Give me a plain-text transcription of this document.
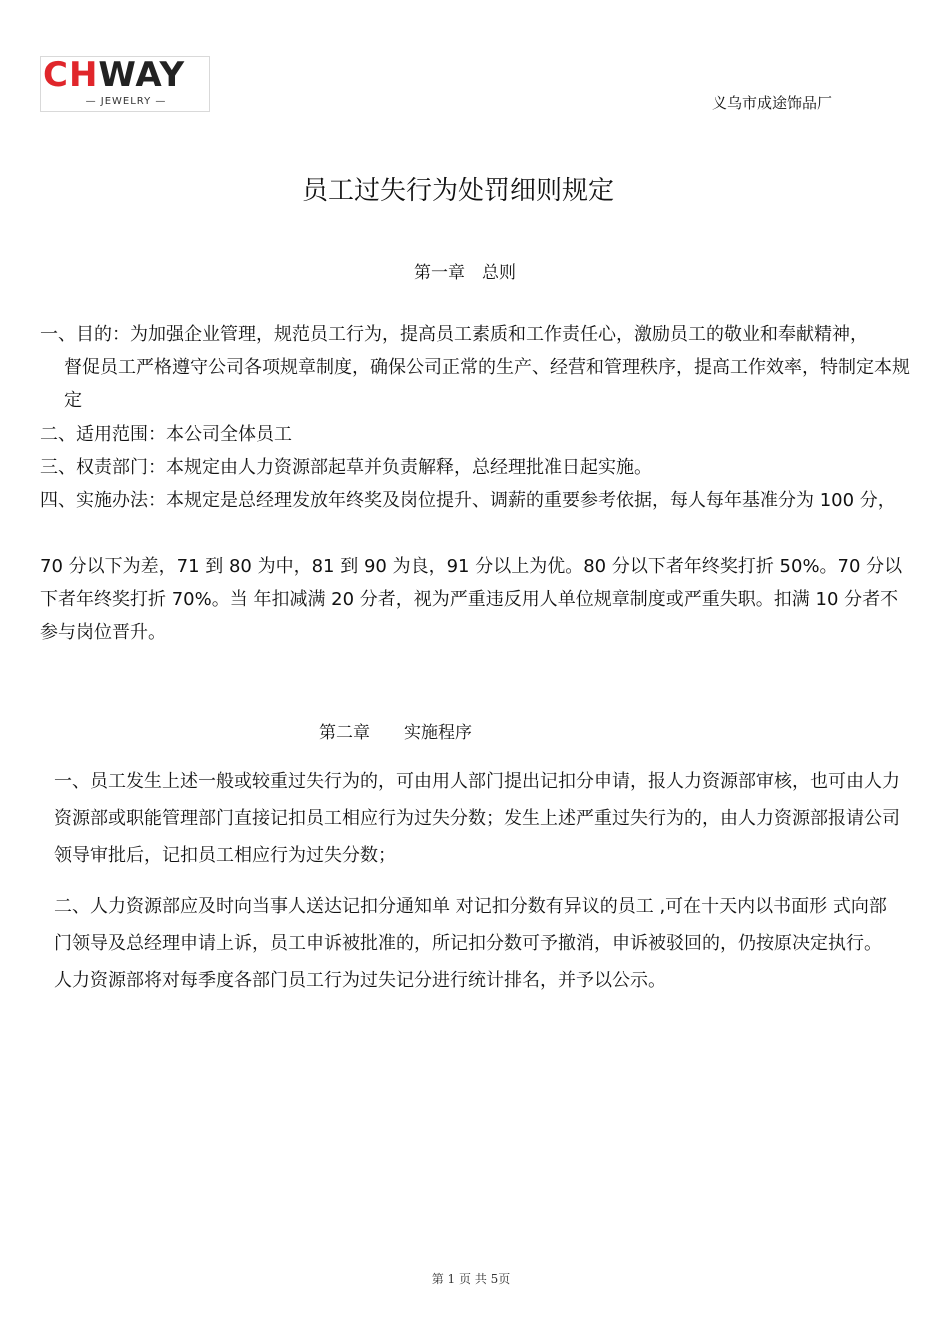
CHWAY
— JEWELRY —	义乌市成途饰品厂
员工过失行为处罚细则规定
第一章　总则

一、目的：为加强企业管理，规范员工行为，提高员工素质和工作责任心，激励员工的敬业和奉献精神，
督促员工严格遵守公司各项规章制度，确保公司正常的生产、经营和管理秩序，提高工作效率，特制定本规定

二、适用范围：本公司全体员工

三、权责部门：本规定由人力资源部起草并负责解释，总经理批准日起实施。

四、实施办法：本规定是总经理发放年终奖及岗位提升、调薪的重要参考依据，每人每年基准分为 100 分，

70 分以下为差，71 到 80 为中，81 到 90 为良，91 分以上为优。80 分以下者年终奖打折 50%。70 分以下者年终奖打折 70%。当 年扣减满 20 分者，视为严重违反用人单位规章制度或严重失职。扣满 10 分者不参与岗位晋升。

第二章　　实施程序

一、员工发生上述一般或较重过失行为的，可由用人部门提出记扣分申请，报人力资源部审核，也可由人力资源部或职能管理部门直接记扣员工相应行为过失分数；发生上述严重过失行为的，由人力资源部报请公司领导审批后，记扣员工相应行为过失分数；

二、人力资源部应及时向当事人送达记扣分通知单 对记扣分数有异议的员工 ,可在十天内以书面形 式向部门领导及总经理申请上诉，员工申诉被批准的，所记扣分数可予撤消，申诉被驳回的，仍按原决定执行。 人力资源部将对每季度各部门员工行为过失记分进行统计排名，并予以公示。

第 1 页 共 5页
